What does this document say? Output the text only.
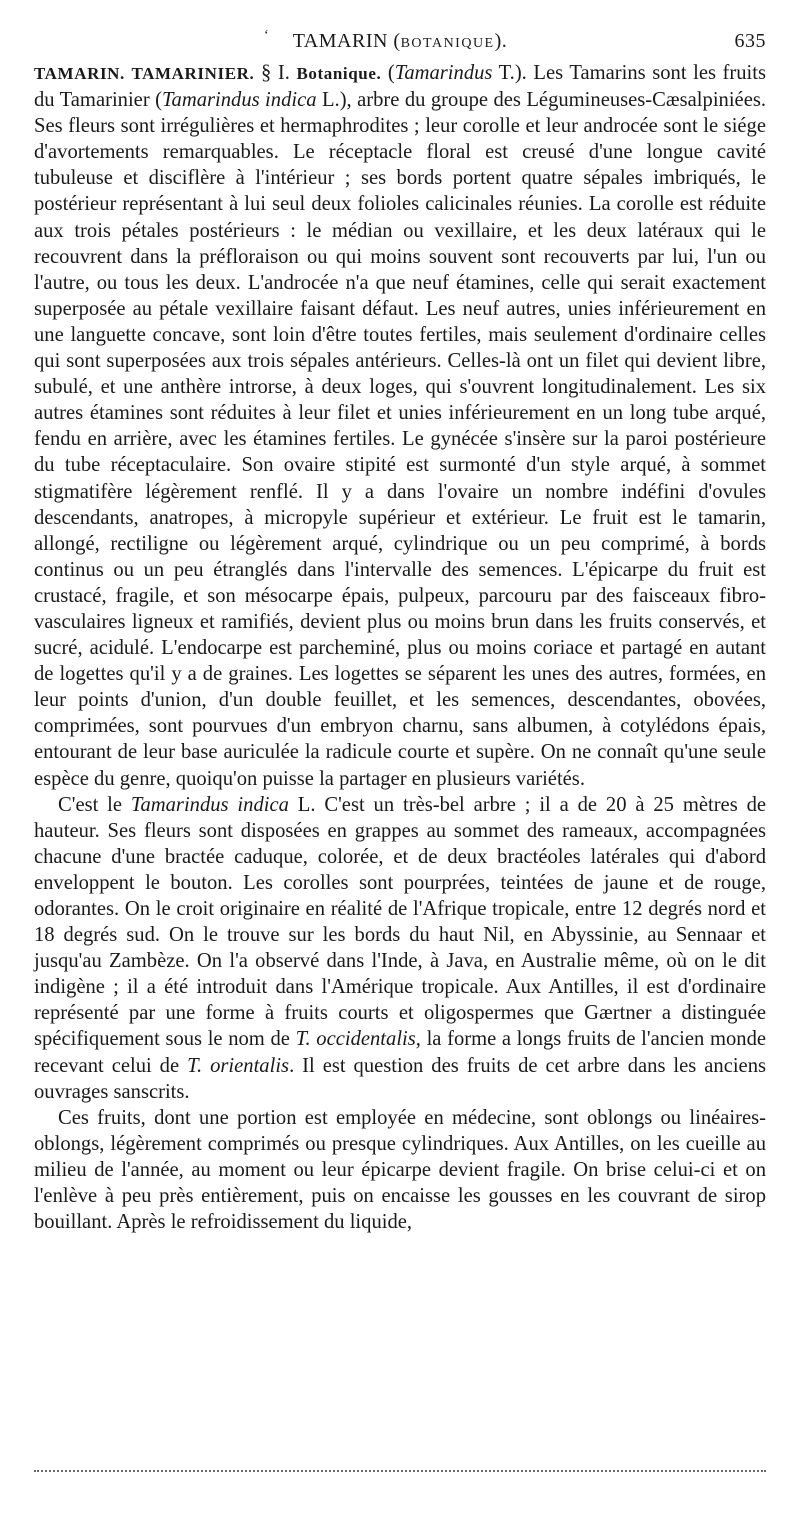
‘	TAMARIN (BOTANIQUE).	635

TAMARIN. TAMARINIER. § I. Botanique. (Tamarindus T.). Les Tamarins sont les fruits du Tamarinier (Tamarindus indica L.), arbre du groupe des Légumineuses-Cæsalpiniées. Ses fleurs sont irrégulières et hermaphrodites ; leur corolle et leur androcée sont le siége d'avortements remarquables. Le réceptacle floral est creusé d'une longue cavité tubuleuse et disciflère à l'intérieur ; ses bords portent quatre sépales imbriqués, le postérieur représentant à lui seul deux folioles calicinales réunies. La corolle est réduite aux trois pétales postérieurs : le médian ou vexillaire, et les deux latéraux qui le recouvrent dans la préfloraison ou qui moins souvent sont recouverts par lui, l'un ou l'autre, ou tous les deux. L'androcée n'a que neuf étamines, celle qui serait exactement superposée au pétale vexillaire faisant défaut. Les neuf autres, unies inférieurement en une languette concave, sont loin d'être toutes fertiles, mais seulement d'ordinaire celles qui sont superposées aux trois sépales antérieurs. Celles-là ont un filet qui devient libre, subulé, et une anthère introrse, à deux loges, qui s'ouvrent longitudinalement. Les six autres étamines sont réduites à leur filet et unies inférieurement en un long tube arqué, fendu en arrière, avec les étamines fertiles. Le gynécée s'insère sur la paroi postérieure du tube réceptaculaire. Son ovaire stipité est surmonté d'un style arqué, à sommet stigmatifère légèrement renflé. Il y a dans l'ovaire un nombre indéfini d'ovules descendants, anatropes, à micropyle supérieur et extérieur. Le fruit est le tamarin, allongé, rectiligne ou légèrement arqué, cylindrique ou un peu comprimé, à bords continus ou un peu étranglés dans l'intervalle des semences. L'épicarpe du fruit est crustacé, fragile, et son mésocarpe épais, pulpeux, parcouru par des faisceaux fibro-vasculaires ligneux et ramifiés, devient plus ou moins brun dans les fruits conservés, et sucré, acidulé. L'endocarpe est parcheminé, plus ou moins coriace et partagé en autant de logettes qu'il y a de graines. Les logettes se séparent les unes des autres, formées, en leur points d'union, d'un double feuillet, et les semences, descendantes, obovées, comprimées, sont pourvues d'un embryon charnu, sans albumen, à cotylédons épais, entourant de leur base auriculée la radicule courte et supère. On ne connaît qu'une seule espèce du genre, quoiqu'on puisse la partager en plusieurs variétés.

C'est le Tamarindus indica L. C'est un très-bel arbre ; il a de 20 à 25 mètres de hauteur. Ses fleurs sont disposées en grappes au sommet des rameaux, accompagnées chacune d'une bractée caduque, colorée, et de deux bractéoles latérales qui d'abord enveloppent le bouton. Les corolles sont pourprées, teintées de jaune et de rouge, odorantes. On le croit originaire en réalité de l'Afrique tropicale, entre 12 degrés nord et 18 degrés sud. On le trouve sur les bords du haut Nil, en Abyssinie, au Sennaar et jusqu'au Zambèze. On l'a observé dans l'Inde, à Java, en Australie même, où on le dit indigène ; il a été introduit dans l'Amérique tropicale. Aux Antilles, il est d'ordinaire représenté par une forme à fruits courts et oligospermes que Gærtner a distinguée spécifiquement sous le nom de T. occidentalis, la forme a longs fruits de l'ancien monde recevant celui de T. orientalis. Il est question des fruits de cet arbre dans les anciens ouvrages sanscrits.

Ces fruits, dont une portion est employée en médecine, sont oblongs ou linéaires-oblongs, légèrement comprimés ou presque cylindriques. Aux Antilles, on les cueille au milieu de l'année, au moment ou leur épicarpe devient fragile. On brise celui-ci et on l'enlève à peu près entièrement, puis on encaisse les gousses en les couvrant de sirop bouillant. Après le refroidissement du liquide,
